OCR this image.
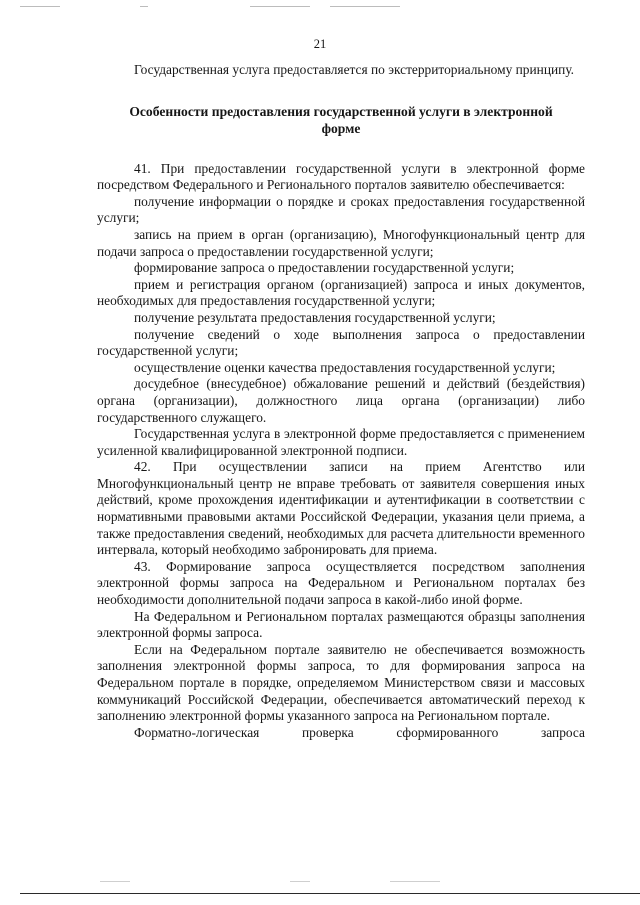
21

Государственная услуга предоставляется по экстерриториальному принципу.

Особенности предоставления государственной услуги в электронной форме

41. При предоставлении государственной услуги в электронной форме посредством Федерального и Регионального порталов заявителю обеспечивается:

получение информации о порядке и сроках предоставления государственной услуги;

запись на прием в орган (организацию), Многофункциональный центр для подачи запроса о предоставлении государственной услуги;

формирование запроса о предоставлении государственной услуги;

прием и регистрация органом (организацией) запроса и иных документов, необходимых для предоставления государственной услуги;

получение результата предоставления государственной услуги;

получение сведений о ходе выполнения запроса о предоставлении государственной услуги;

осуществление оценки качества предоставления государственной услуги;

досудебное (внесудебное) обжалование решений и действий (бездействия) органа (организации), должностного лица органа (организации) либо государственного служащего.

Государственная услуга в электронной форме предоставляется с применением усиленной квалифицированной электронной подписи.

42. При осуществлении записи на прием Агентство или Многофункциональный центр не вправе требовать от заявителя совершения иных действий, кроме прохождения идентификации и аутентификации в соответствии с нормативными правовыми актами Российской Федерации, указания цели приема, а также предоставления сведений, необходимых для расчета длительности временного интервала, который необходимо забронировать для приема.

43. Формирование запроса осуществляется посредством заполнения электронной формы запроса на Федеральном и Региональном порталах без необходимости дополнительной подачи запроса в какой-либо иной форме.

На Федеральном и Региональном порталах размещаются образцы заполнения электронной формы запроса.

Если на Федеральном портале заявителю не обеспечивается возможность заполнения электронной формы запроса, то для формирования запроса на Федеральном портале в порядке, определяемом Министерством связи и массовых коммуникаций Российской Федерации, обеспечивается автоматический переход к заполнению электронной формы указанного запроса на Региональном портале.

Форматно-логическая	проверка	сформированного	запроса
